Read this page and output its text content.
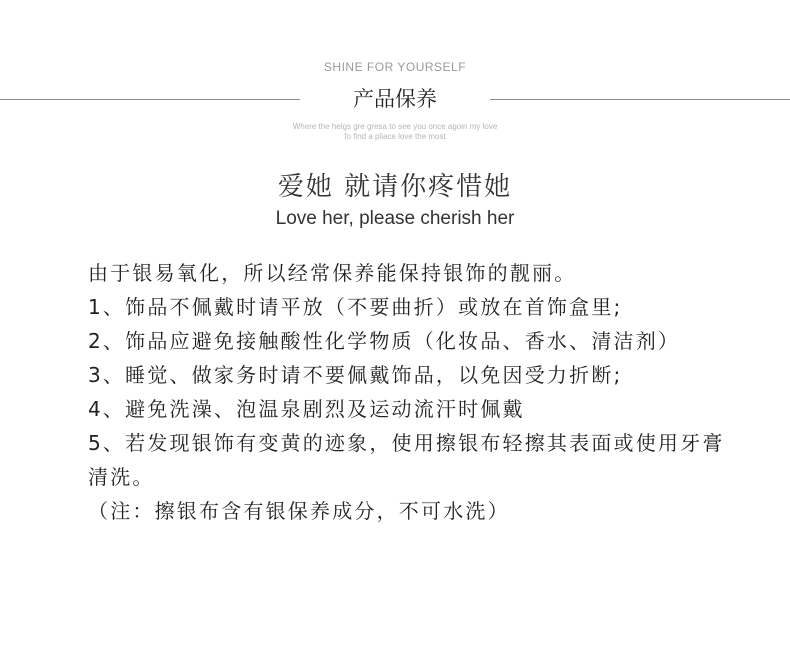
SHINE FOR YOURSELF
产品保养
Where the helgs gre gresa to see you once agoin my love
fo find a pliace love the most
爱她 就请你疼惜她
Love her, please cherish her

由于银易氧化，所以经常保养能保持银饰的靓丽。

1、饰品不佩戴时请平放（不要曲折）或放在首饰盒里;

2、饰品应避免接触酸性化学物质（化妆品、香水、清洁剂）

3、睡觉、做家务时请不要佩戴饰品，以免因受力折断;

4、避免洗澡、泡温泉剧烈及运动流汗时佩戴

5、若发现银饰有变黄的迹象，使用擦银布轻擦其表面或使用牙膏清洗。

（注：擦银布含有银保养成分，不可水洗）
